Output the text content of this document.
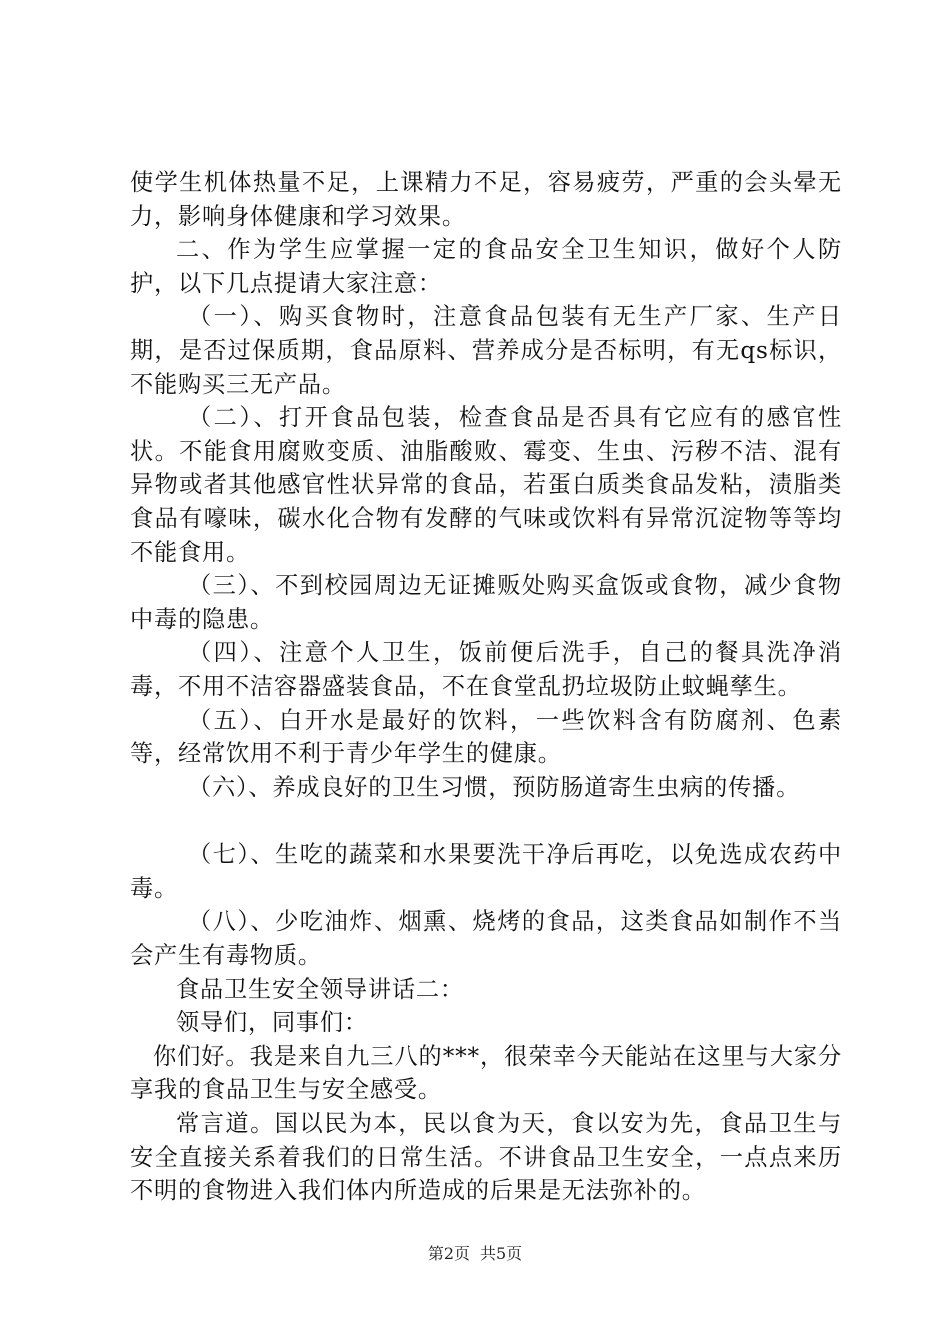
使学生机体热量不足，上课精力不足，容易疲劳，严重的会头晕无力，影响身体健康和学习效果。

二、作为学生应掌握一定的食品安全卫生知识，做好个人防护，以下几点提请大家注意：

（一）、购买食物时，注意食品包装有无生产厂家、生产日期，是否过保质期，食品原料、营养成分是否标明，有无qs标识，不能购买三无产品。

（二）、打开食品包装，检查食品是否具有它应有的感官性状。不能食用腐败变质、油脂酸败、霉变、生虫、污秽不洁、混有异物或者其他感官性状异常的食品，若蛋白质类食品发粘，渍脂类食品有嚎味，碳水化合物有发酵的气味或饮料有异常沉淀物等等均不能食用。

（三）、不到校园周边无证摊贩处购买盒饭或食物，减少食物中毒的隐患。

（四）、注意个人卫生，饭前便后洗手，自己的餐具洗净消毒，不用不洁容器盛装食品，不在食堂乱扔垃圾防止蚊蝇孳生。

（五）、白开水是最好的饮料，一些饮料含有防腐剂、色素等，经常饮用不利于青少年学生的健康。

（六）、养成良好的卫生习惯，预防肠道寄生虫病的传播。

（七）、生吃的蔬菜和水果要洗干净后再吃，以免选成农药中毒。

（八）、少吃油炸、烟熏、烧烤的食品，这类食品如制作不当会产生有毒物质。

食品卫生安全领导讲话二：

领导们，同事们：

你们好。我是来自九三八的***，很荣幸今天能站在这里与大家分享我的食品卫生与安全感受。

常言道。国以民为本，民以食为天，食以安为先，食品卫生与安全直接关系着我们的日常生活。不讲食品卫生安全，一点点来历不明的食物进入我们体内所造成的后果是无法弥补的。

第2页 共5页
